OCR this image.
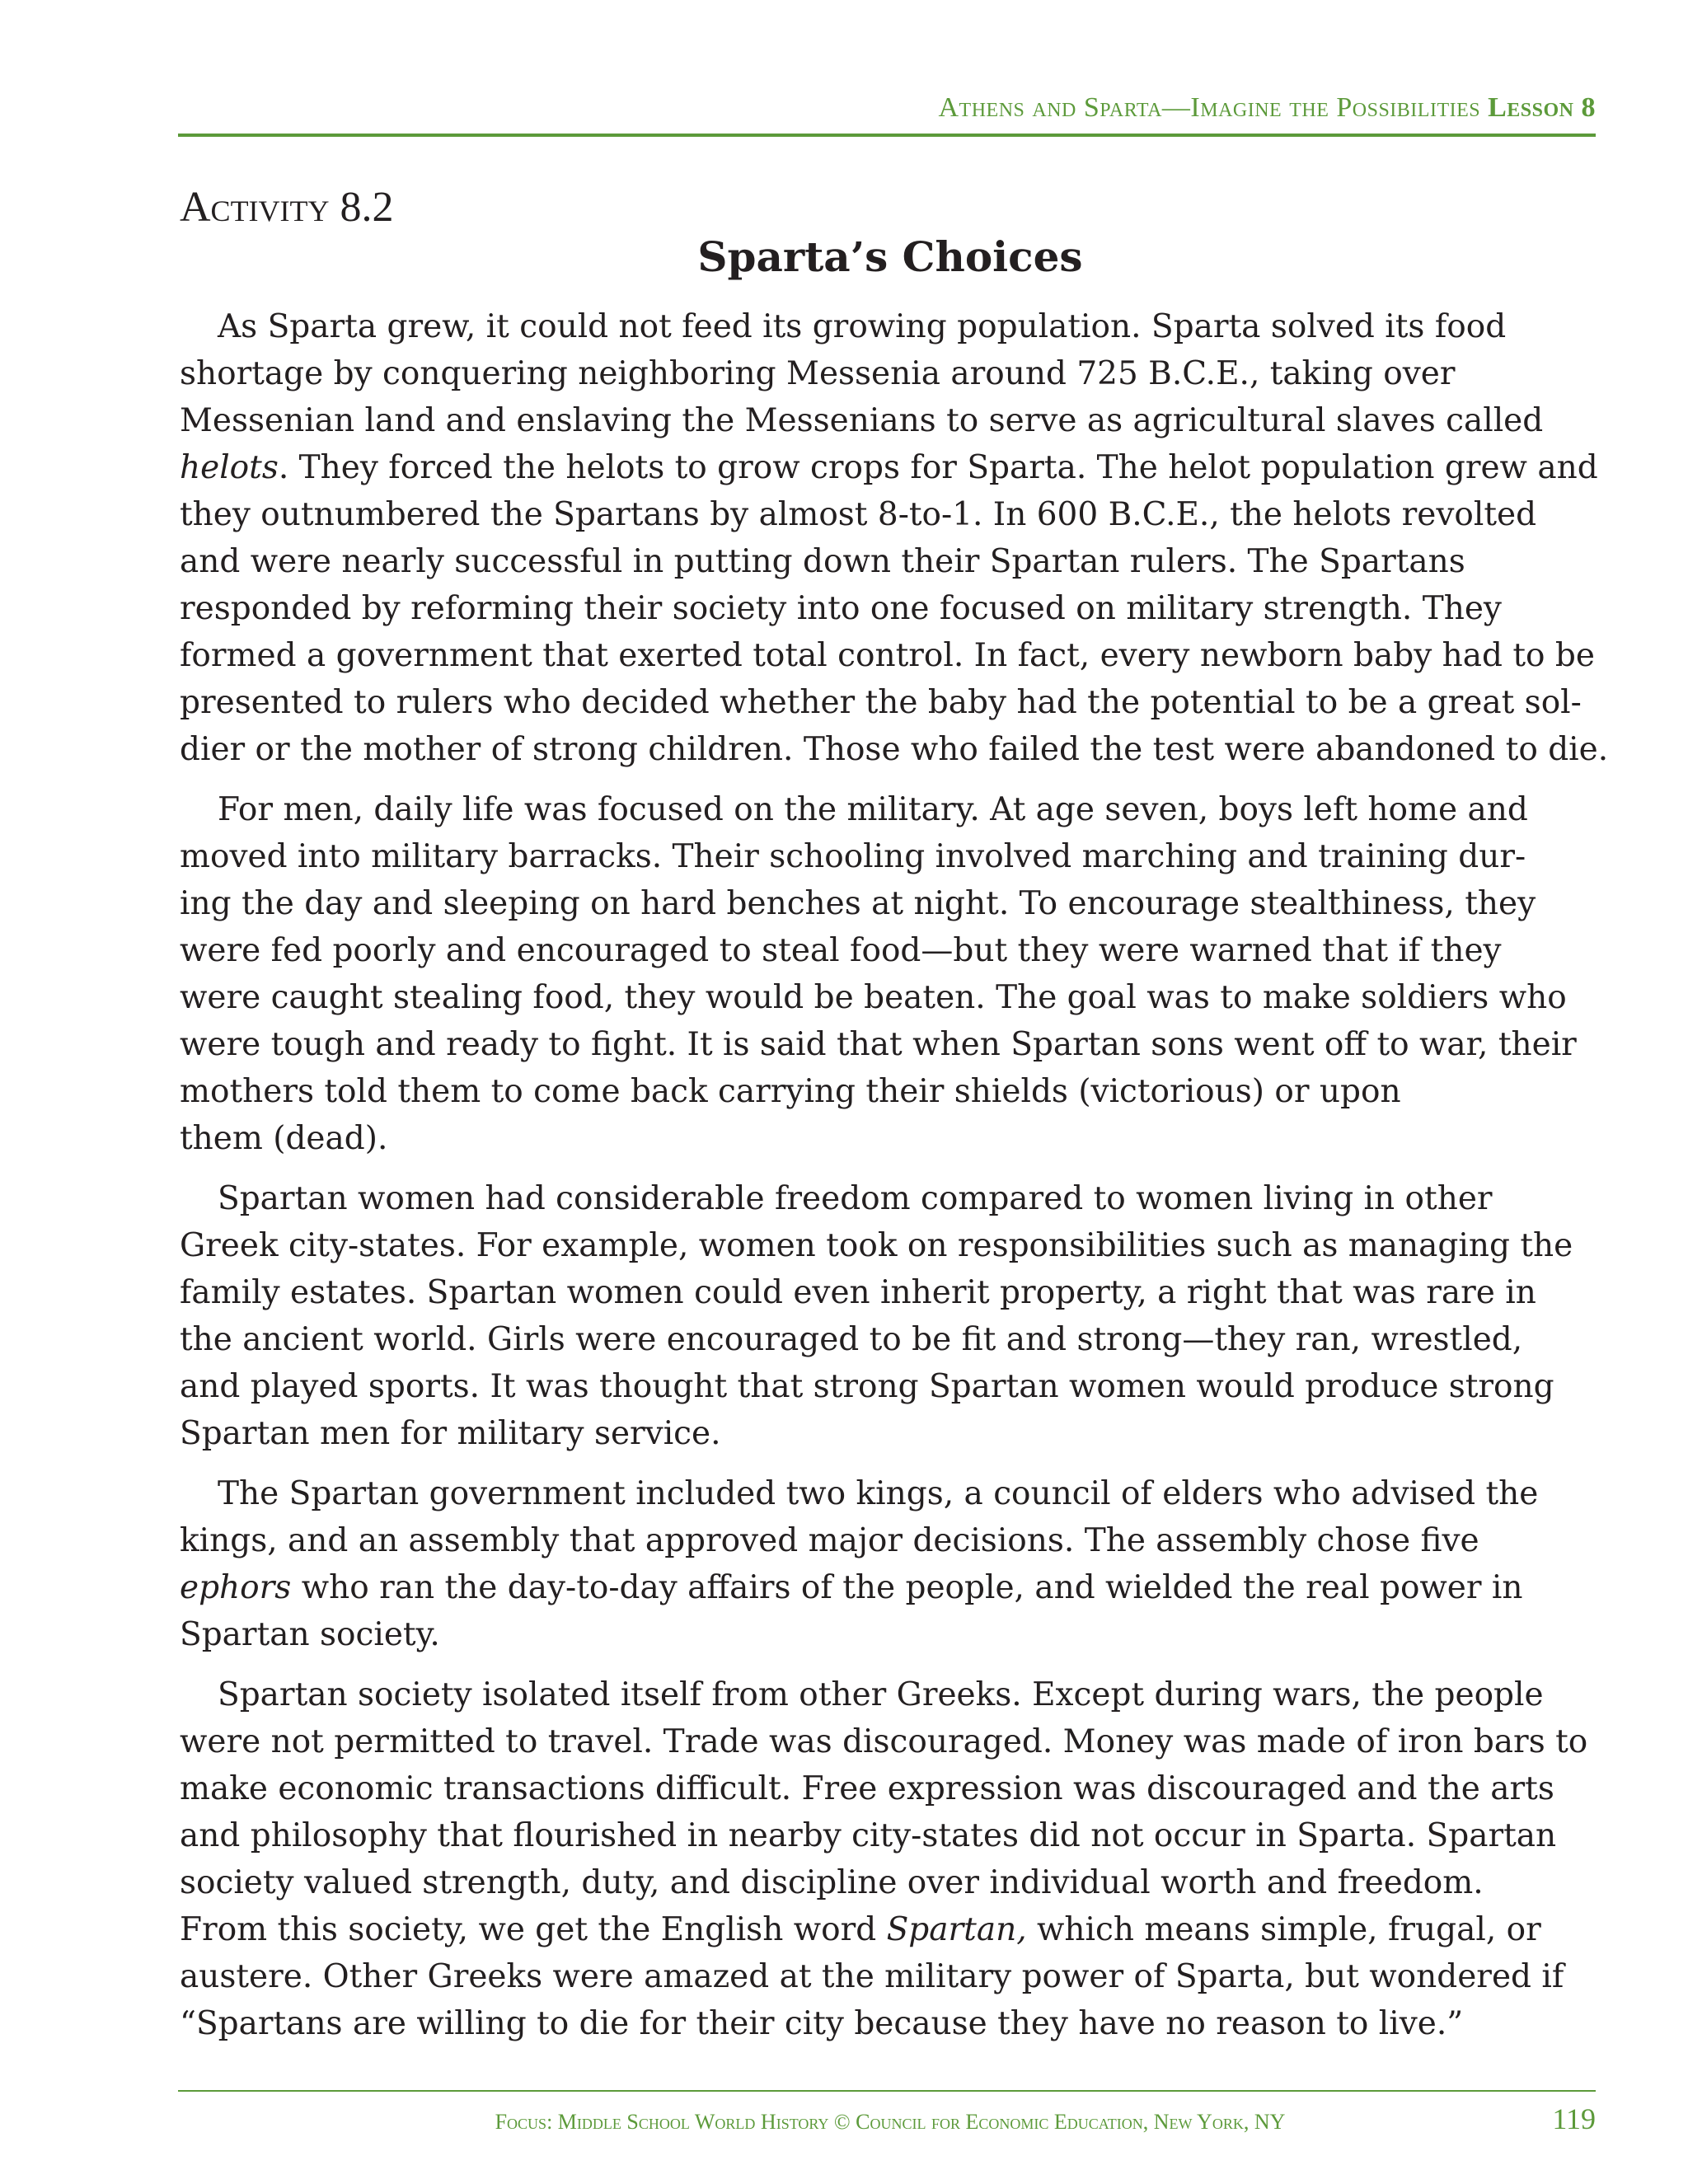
Athens and Sparta—Imagine the Possibilities Lesson 8
Activity 8.2
Sparta’s Choices

As Sparta grew, it could not feed its growing population. Sparta solved its food
shortage by conquering neighboring Messenia around 725 B.C.E., taking over
Messenian land and enslaving the Messenians to serve as agricultural slaves called
helots. They forced the helots to grow crops for Sparta. The helot population grew and
they outnumbered the Spartans by almost 8-to-1. In 600 B.C.E., the helots revolted
and were nearly successful in putting down their Spartan rulers. The Spartans
responded by reforming their society into one focused on military strength. They
formed a government that exerted total control. In fact, every newborn baby had to be
presented to rulers who decided whether the baby had the potential to be a great sol-
dier or the mother of strong children. Those who failed the test were abandoned to die.

For men, daily life was focused on the military. At age seven, boys left home and
moved into military barracks. Their schooling involved marching and training dur-
ing the day and sleeping on hard benches at night. To encourage stealthiness, they
were fed poorly and encouraged to steal food—but they were warned that if they
were caught stealing food, they would be beaten. The goal was to make soldiers who
were tough and ready to fight. It is said that when Spartan sons went off to war, their
mothers told them to come back carrying their shields (victorious) or upon
them (dead).

Spartan women had considerable freedom compared to women living in other
Greek city-states. For example, women took on responsibilities such as managing the
family estates. Spartan women could even inherit property, a right that was rare in
the ancient world. Girls were encouraged to be fit and strong—they ran, wrestled,
and played sports. It was thought that strong Spartan women would produce strong
Spartan men for military service.

The Spartan government included two kings, a council of elders who advised the
kings, and an assembly that approved major decisions. The assembly chose five
ephors who ran the day-to-day affairs of the people, and wielded the real power in
Spartan society.

Spartan society isolated itself from other Greeks. Except during wars, the people
were not permitted to travel. Trade was discouraged. Money was made of iron bars to
make economic transactions difficult. Free expression was discouraged and the arts
and philosophy that flourished in nearby city-states did not occur in Sparta. Spartan
society valued strength, duty, and discipline over individual worth and freedom.
From this society, we get the English word Spartan, which means simple, frugal, or
austere. Other Greeks were amazed at the military power of Sparta, but wondered if
“Spartans are willing to die for their city because they have no reason to live.”

Focus: Middle School World History © Council for Economic Education, New York, NY	119
